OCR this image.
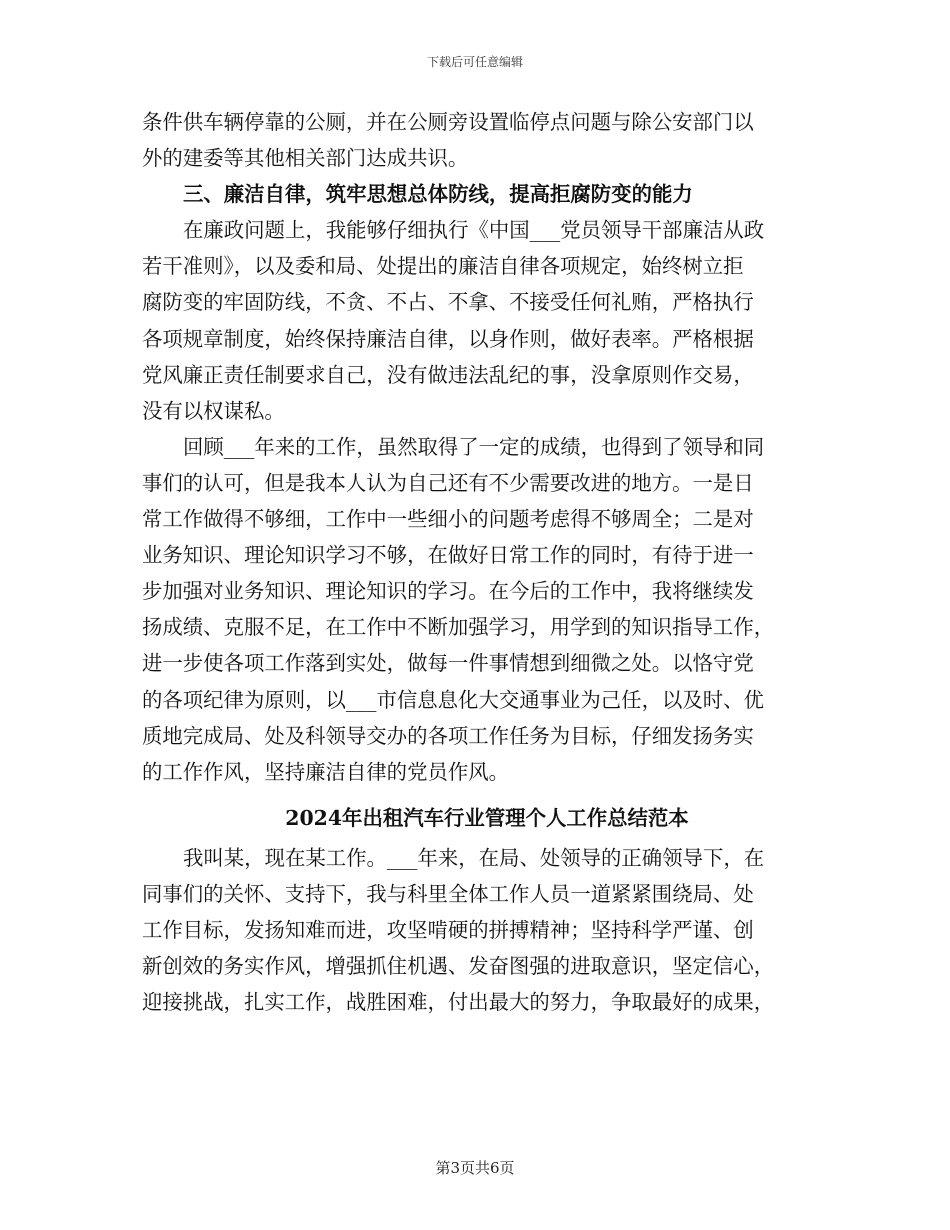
下载后可任意编辑
条件供车辆停靠的公厕，并在公厕旁设置临停点问题与除公安部门以
外的建委等其他相关部门达成共识。
三、廉洁自律，筑牢思想总体防线，提高拒腐防变的能力
在廉政问题上，我能够仔细执行《中国___党员领导干部廉洁从政
若干准则》，以及委和局、处提出的廉洁自律各项规定，始终树立拒
腐防变的牢固防线，不贪、不占、不拿、不接受任何礼贿，严格执行
各项规章制度，始终保持廉洁自律，以身作则，做好表率。严格根据
党风廉正责任制要求自己，没有做违法乱纪的事，没拿原则作交易，
没有以权谋私。
回顾___年来的工作，虽然取得了一定的成绩，也得到了领导和同
事们的认可，但是我本人认为自己还有不少需要改进的地方。一是日
常工作做得不够细，工作中一些细小的问题考虑得不够周全；二是对
业务知识、理论知识学习不够，在做好日常工作的同时，有待于进一
步加强对业务知识、理论知识的学习。在今后的工作中，我将继续发
扬成绩、克服不足，在工作中不断加强学习，用学到的知识指导工作，
进一步使各项工作落到实处，做每一件事情想到细微之处。以恪守党
的各项纪律为原则，以___市信息息化大交通事业为己任，以及时、优
质地完成局、处及科领导交办的各项工作任务为目标，仔细发扬务实
的工作作风，坚持廉洁自律的党员作风。
2024年出租汽车行业管理个人工作总结范本
我叫某，现在某工作。___年来，在局、处领导的正确领导下，在
同事们的关怀、支持下，我与科里全体工作人员一道紧紧围绕局、处
工作目标，发扬知难而进，攻坚啃硬的拼搏精神；坚持科学严谨、创
新创效的务实作风，增强抓住机遇、发奋图强的进取意识，坚定信心，
迎接挑战，扎实工作，战胜困难，付出最大的努力，争取最好的成果，
第3页共6页
